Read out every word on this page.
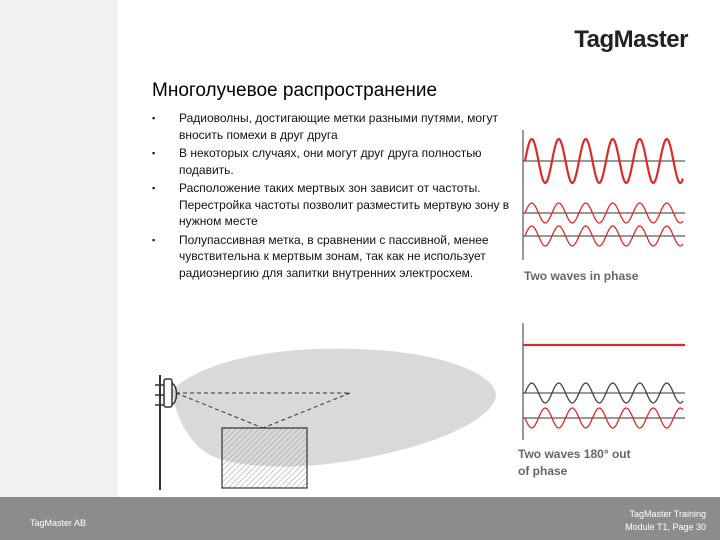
TagMaster
Многолучевое распространение
▪ Радиоволны, достигающие метки разными путями, могут вносить помехи в друг друга
▪ В некоторых случаях, они могут друг друга полностью подавить.
▪ Расположение таких мертвых зон зависит от частоты. Перестройка частоты позволит разместить мертвую зону в нужном месте
▪ Полупассивная метка, в сравнении с пассивной, менее чувствительна к мертвым зонам, так как не использует радиоэнергию для запитки внутренних электросхем.	Two waves in phase
Two waves 180° out
of phase
TagMaster AB
TagMaster Training
Module T1, Page 30
